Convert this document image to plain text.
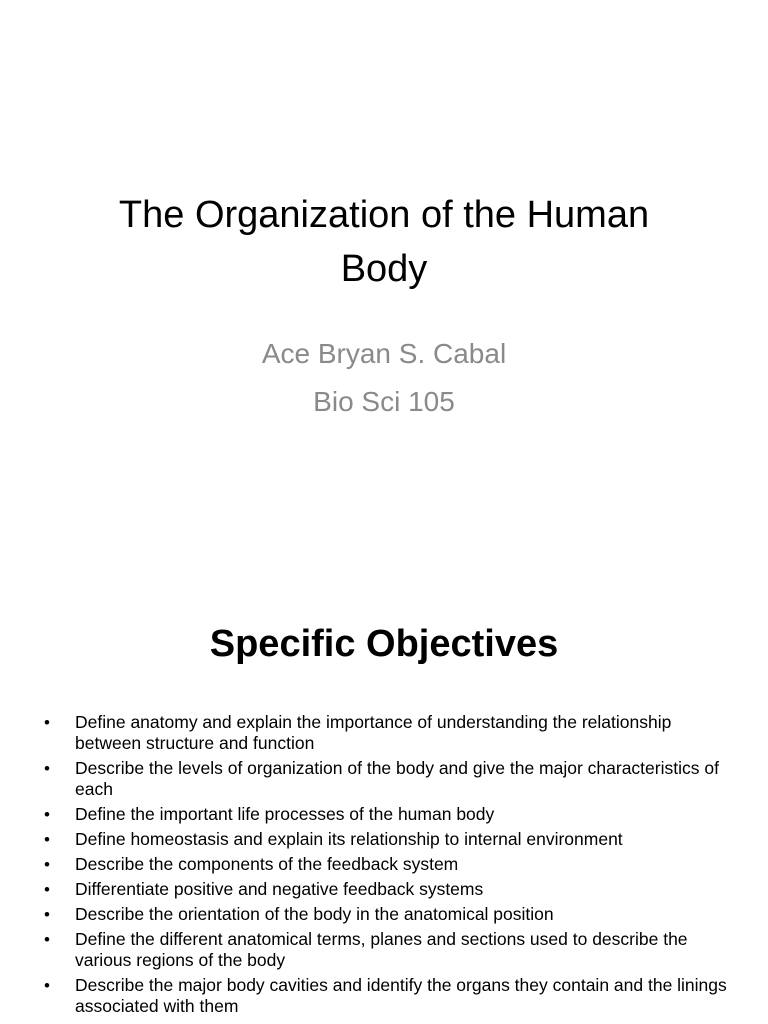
The Organization of the Human
Body
Ace Bryan S. Cabal
Bio Sci 105
Specific Objectives
• Define anatomy and explain the importance of understanding the relationship between structure and function
• Describe the levels of organization of the body and give the major characteristics of each
• Define the important life processes of the human body
• Define homeostasis and explain its relationship to internal environment
• Describe the components of the feedback system
• Differentiate positive and negative feedback systems
• Describe the orientation of the body in the anatomical position
• Define the different anatomical terms, planes and sections used to describe the various regions of the body
• Describe the major body cavities and identify the organs they contain and the linings associated with them
